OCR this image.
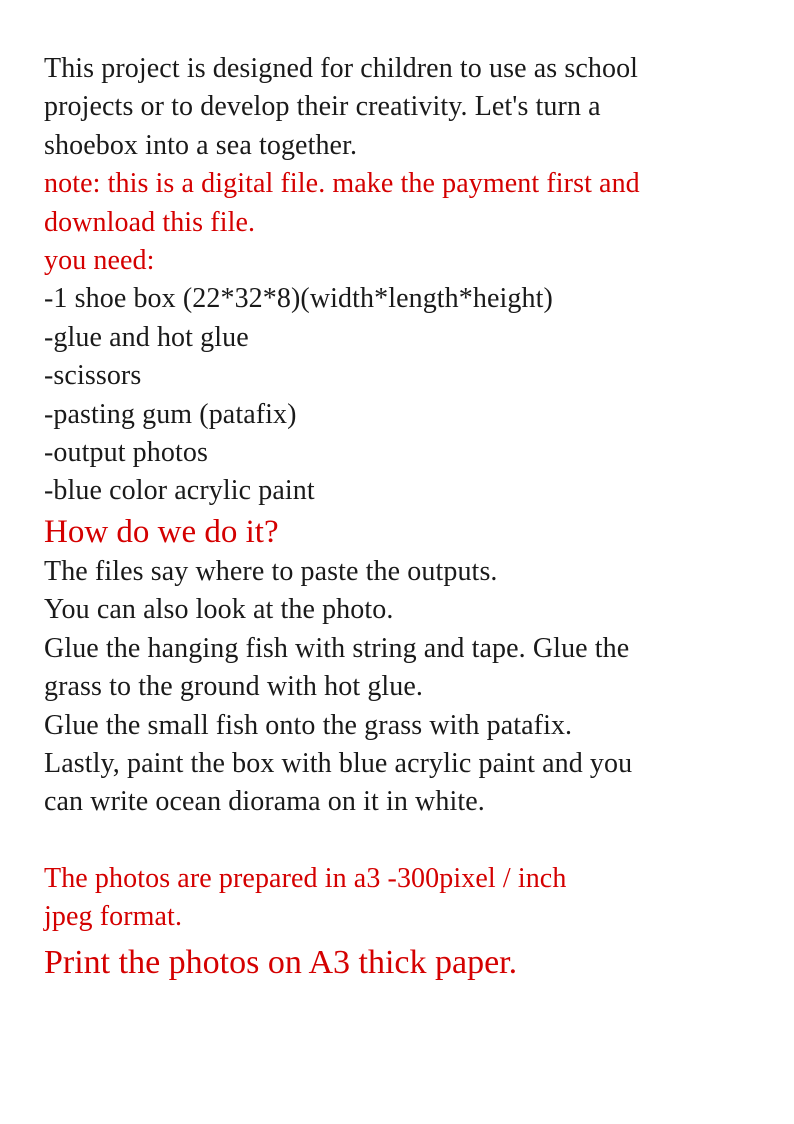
This project is designed for children to use as school
projects or to develop their creativity. Let's turn a
shoebox into a sea together.
note: this is a digital file. make the payment first and
download this file.
you need:
-1 shoe box (22*32*8)(width*length*height)
-glue and hot glue
-scissors
-pasting gum (patafix)
-output photos
-blue color acrylic paint
How do we do it?
The files say where to paste the outputs.
You can also look at the photo.
Glue the hanging fish with string and tape. Glue the
grass to the ground with hot glue.
Glue the small fish onto the grass with patafix.
Lastly, paint the box with blue acrylic paint and you
can write ocean diorama on it in white.
The photos are prepared in a3 -300pixel / inch
jpeg format.
Print the photos on A3 thick paper.
